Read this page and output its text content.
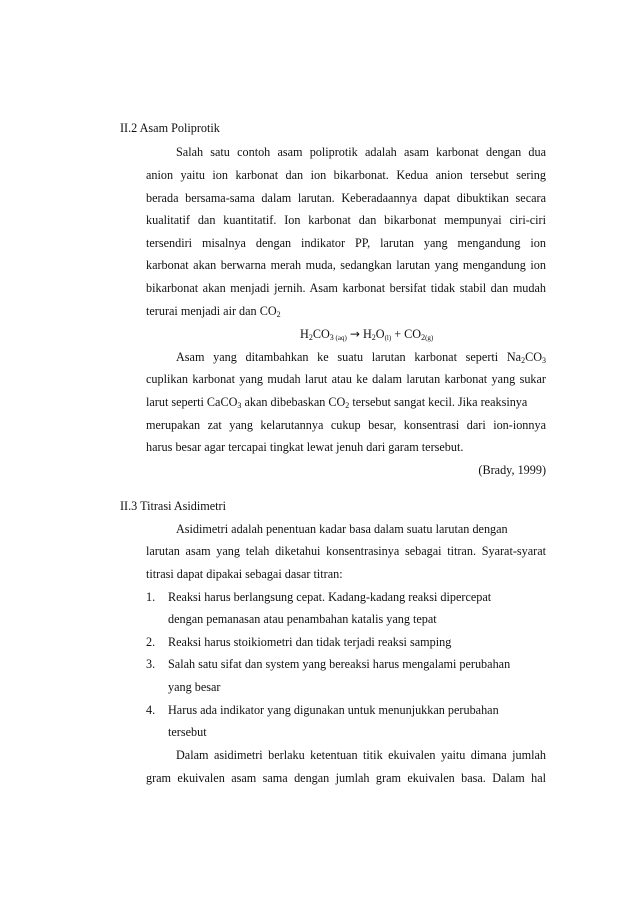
II.2 Asam Poliprotik
Salah satu contoh asam poliprotik adalah asam karbonat dengan dua
anion yaitu ion karbonat dan ion bikarbonat. Kedua anion tersebut sering
berada bersama-sama dalam larutan. Keberadaannya dapat dibuktikan secara
kualitatif dan kuantitatif. Ion karbonat dan bikarbonat mempunyai ciri-ciri
tersendiri misalnya dengan indikator PP, larutan yang mengandung ion
karbonat akan berwarna merah muda, sedangkan larutan yang mengandung ion
bikarbonat akan menjadi jernih. Asam karbonat bersifat tidak stabil dan mudah
terurai menjadi air dan $CO_2$
$H_2CO_3$ $_{(aq)} \to H_2O_{(l)} + CO_{2(g)}$
Asam yang ditambahkan ke suatu larutan karbonat seperti $Na_2CO_3$
cuplikan karbonat yang mudah larut atau ke dalam larutan karbonat yang sukar
larut seperti CaCO$_3$ akan dibebaskan $CO_2$ tersebut sangat kecil. Jika reaksinya
merupakan zat yang kelarutannya cukup besar, konsentrasi dari ion-ionnya
harus besar agar tercapai tingkat lewat jenuh dari garam tersebut.
(Brady, 1999)
II.3 Titrasi Asidimetri
Asidimetri adalah penentuan kadar basa dalam suatu larutan dengan
larutan asam yang telah diketahui konsentrasinya sebagai titran. Syarat-syarat
titrasi dapat dipakai sebagai dasar titran:
1. Reaksi harus berlangsung cepat. Kadang-kadang reaksi dipercepat
dengan pemanasan atau penambahan katalis yang tepat
2. Reaksi harus stoikiometri dan tidak terjadi reaksi samping
3. Salah satu sifat dan system yang bereaksi harus mengalami perubahan
yang besar
4. Harus ada indikator yang digunakan untuk menunjukkan perubahan
tersebut
Dalam asidimetri berlaku ketentuan titik ekuivalen yaitu dimana jumlah
gram ekuivalen asam sama dengan jumlah gram ekuivalen basa. Dalam hal
